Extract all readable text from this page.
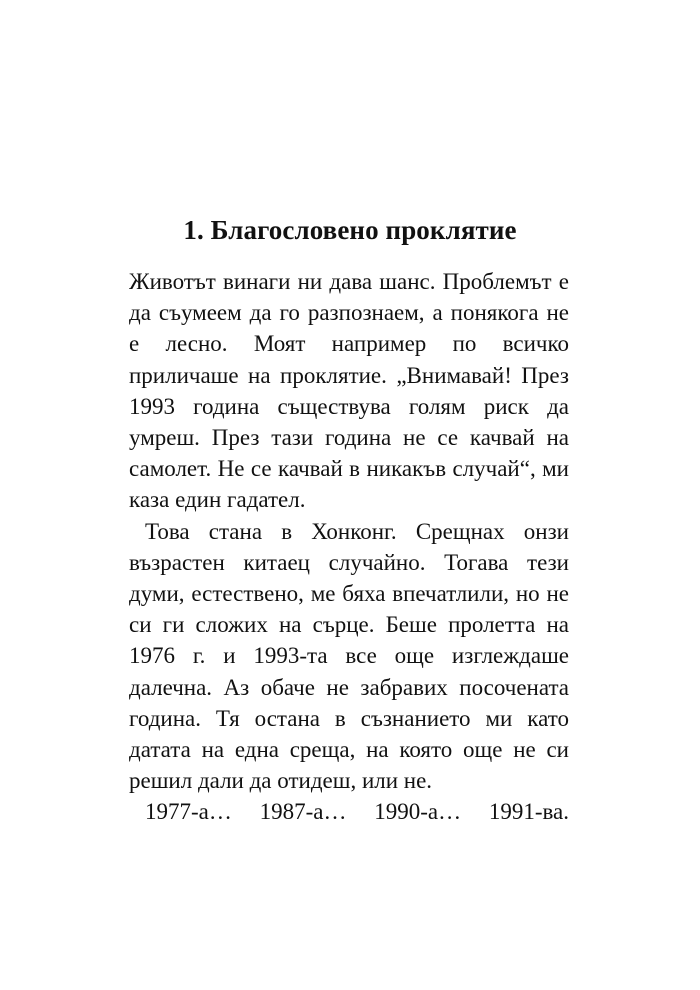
1. Благословено проклятие

Животът винаги ни дава шанс. Проблемът е да съумеем да го разпознаем, а понякога не е лесно. Моят например по всичко приличаше на проклятие. „Внимавай! През 1993 година съществува голям риск да умреш. През тази година не се качвай на самолет. Не се качвай в никакъв случай“, ми каза един гадател.

Това стана в Хонконг. Срещнах онзи възрастен китаец случайно. Тогава тези думи, естествено, ме бяха впечатлили, но не си ги сложих на сърце. Беше пролетта на 1976 г. и 1993-та все още изглеждаше далечна. Аз обаче не забравих посочената година. Тя остана в съзнанието ми като датата на една среща, на която още не си решил дали да отидеш, или не.

1977-а… 1987-а… 1990-а… 1991-ва.
